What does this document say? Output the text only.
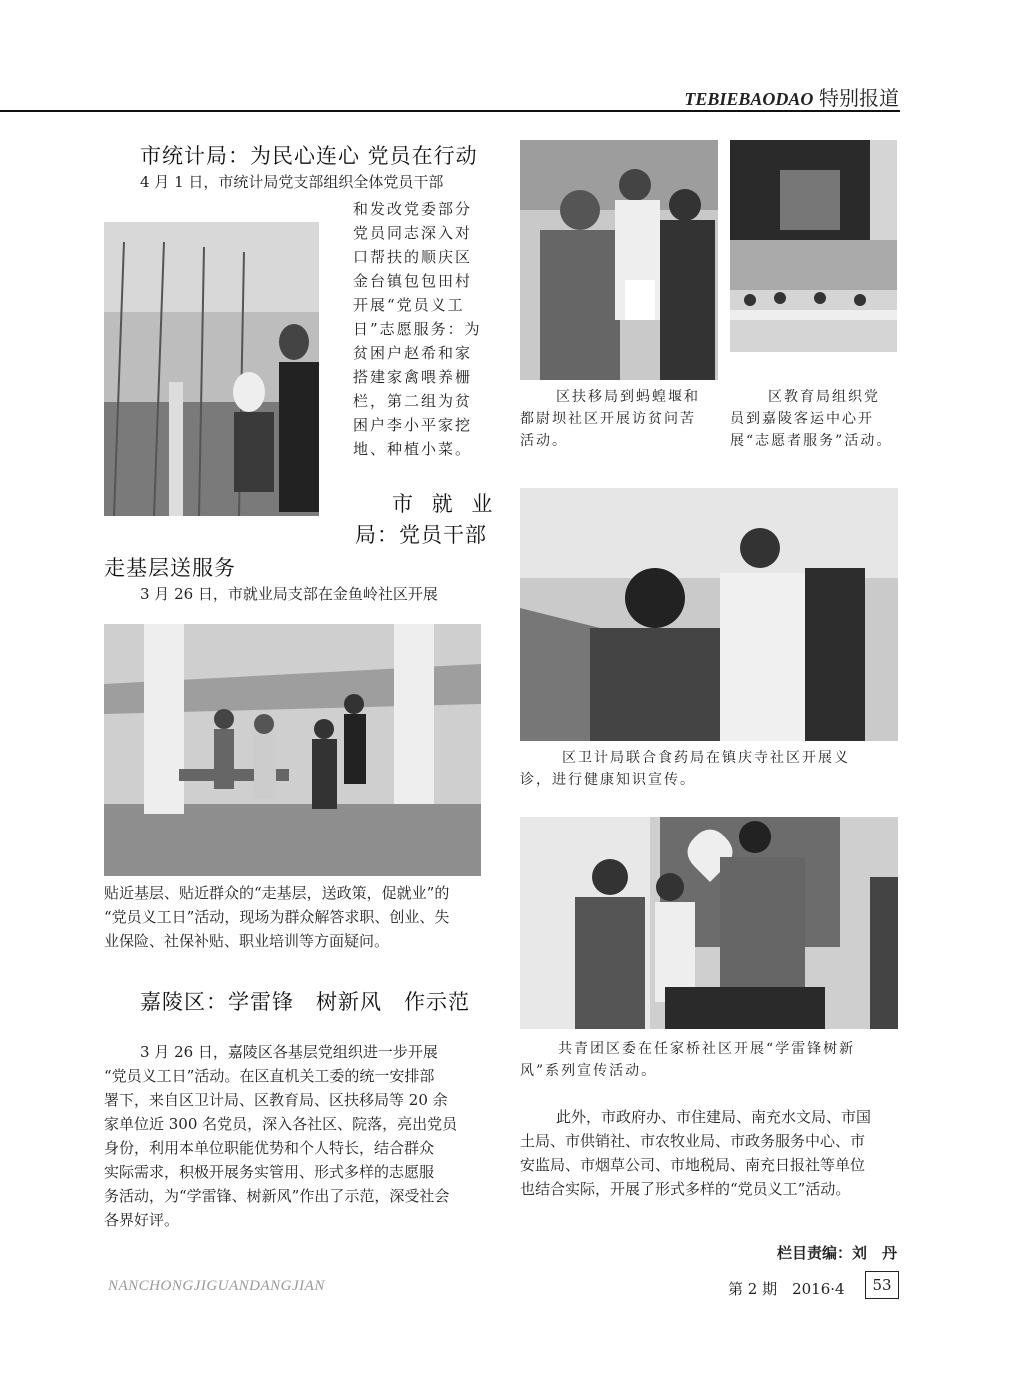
TEBIEBAODAO 特别报道
市统计局：为民心连心 党员在行动
4 月 1 日，市统计局党支部组织全体党员干部
和发改党委部分
党员同志深入对
口帮扶的顺庆区
金台镇包包田村
开展“党员义工
日”志愿服务：为
贫困户赵希和家
搭建家禽喂养栅
栏，第二组为贫
困户李小平家挖
地、种植小菜。
市 就 业
局：党员干部
走基层送服务
3 月 26 日，市就业局支部在金鱼岭社区开展
贴近基层、贴近群众的“走基层，送政策，促就业”的
“党员义工日”活动，现场为群众解答求职、创业、失
业保险、社保补贴、职业培训等方面疑问。
嘉陵区：学雷锋　树新风　作示范
3 月 26 日，嘉陵区各基层党组织进一步开展
“党员义工日”活动。在区直机关工委的统一安排部
署下，来自区卫计局、区教育局、区扶移局等 20 余
家单位近 300 名党员，深入各社区、院落，亮出党员
身份，利用本单位职能优势和个人特长，结合群众
实际需求，积极开展务实管用、形式多样的志愿服
务活动，为“学雷锋、树新风”作出了示范，深受社会
各界好评。
区扶移局到蚂蝗堰和
都尉坝社区开展访贫问苦
活动。
区教育局组织党
员到嘉陵客运中心开
展“志愿者服务”活动。
区卫计局联合食药局在镇庆寺社区开展义
诊，进行健康知识宣传。
共青团区委在任家桥社区开展“学雷锋树新
风”系列宣传活动。
此外，市政府办、市住建局、南充水文局、市国
土局、市供销社、市农牧业局、市政务服务中心、市
安监局、市烟草公司、市地税局、南充日报社等单位
也结合实际，开展了形式多样的“党员义工”活动。
栏目责编：刘　丹
NANCHONGJIGUANDANGJIAN	第 2 期　2016·4	53
